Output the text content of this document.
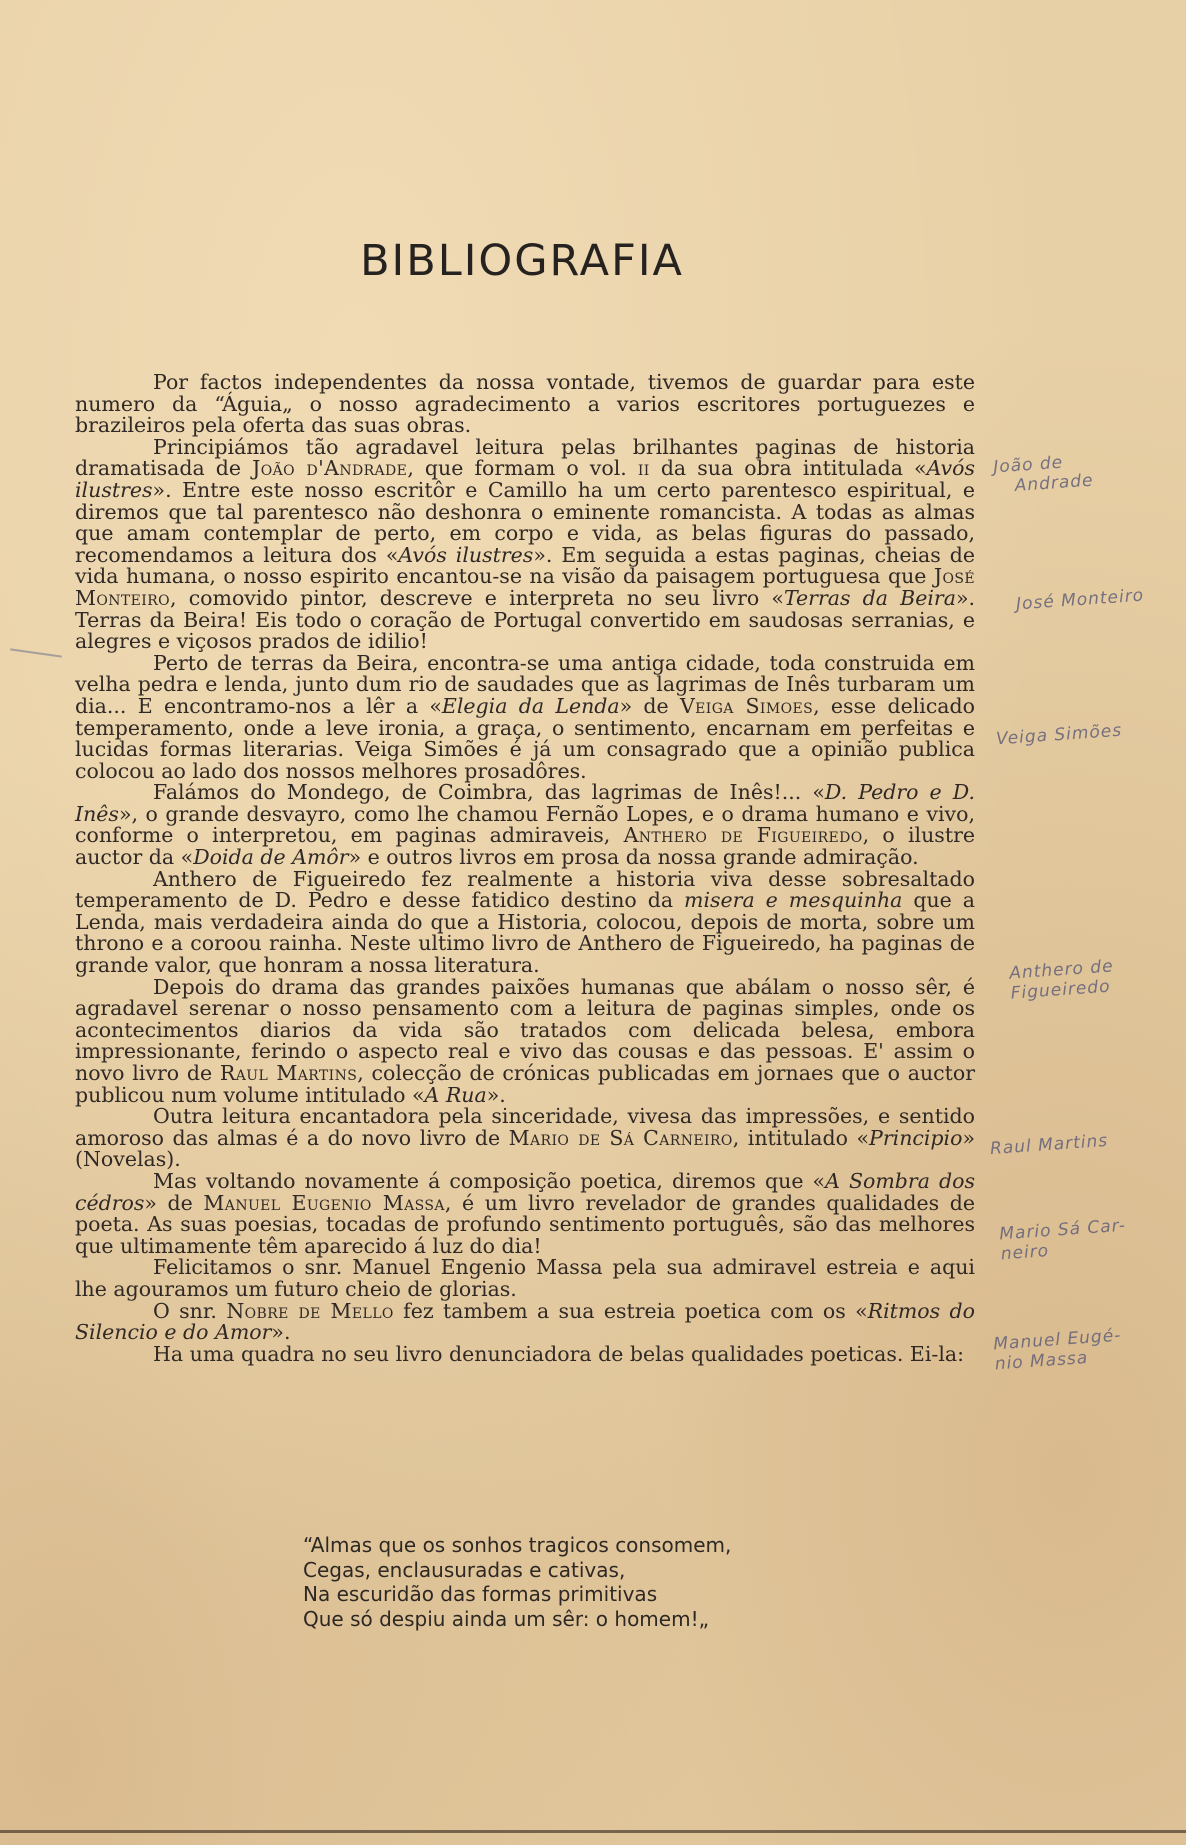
BIBLIOGRAFIA

Por factos independentes da nossa vontade, tivemos de guardar para este numero da “Águia„ o nosso agradecimento a varios escritores portuguezes e brazileiros pela oferta das suas obras.

Principiámos tão agradavel leitura pelas brilhantes paginas de historia dramatisada de João d'Andrade, que formam o vol. ii da sua obra intitulada «Avós ilustres». Entre este nosso escritôr e Camillo ha um certo parentesco espiritual, e diremos que tal parentesco não deshonra o eminente romancista. A todas as almas que amam contemplar de perto, em corpo e vida, as belas figuras do passado, recomendamos a leitura dos «Avós ilustres». Em seguida a estas paginas, cheias de vida humana, o nosso espirito encantou-se na visão da paisagem portuguesa que José Monteiro, comovido pintor, descreve e interpreta no seu livro «Terras da Beira». Terras da Beira! Eis todo o coração de Portugal convertido em saudosas serranias, e alegres e viçosos prados de idilio!

Perto de terras da Beira, encontra-se uma antiga cidade, toda construida em velha pedra e lenda, junto dum rio de saudades que as lagrimas de Inês turbaram um dia... E encontramo-nos a lêr a «Elegia da Lenda» de Veiga Simoes, esse delicado temperamento, onde a leve ironia, a graça, o sentimento, encarnam em perfeitas e lucidas formas literarias. Veiga Simões é já um consagrado que a opinião publica colocou ao lado dos nossos melhores prosadôres.

Falámos do Mondego, de Coimbra, das lagrimas de Inês!... «D. Pedro e D. Inês», o grande desvayro, como lhe chamou Fernão Lopes, e o drama humano e vivo, conforme o interpretou, em paginas admiraveis, Anthero de Figueiredo, o ilustre auctor da «Doida de Amôr» e outros livros em prosa da nossa grande admiração.

Anthero de Figueiredo fez realmente a historia viva desse sobresaltado temperamento de D. Pedro e desse fatidico destino da misera e mesquinha que a Lenda, mais verdadeira ainda do que a Historia, colocou, depois de morta, sobre um throno e a coroou rainha. Neste ultimo livro de Anthero de Figueiredo, ha paginas de grande valor, que honram a nossa literatura.

Depois do drama das grandes paixões humanas que abálam o nosso sêr, é agradavel serenar o nosso pensamento com a leitura de paginas simples, onde os acontecimentos diarios da vida são tratados com delicada belesa, embora impressionante, ferindo o aspecto real e vivo das cousas e das pessoas. E' assim o novo livro de Raul Martins, colecção de crónicas publicadas em jornaes que o auctor publicou num volume intitulado «A Rua».

Outra leitura encantadora pela sinceridade, vivesa das impressões, e sentido amoroso das almas é a do novo livro de Mario de Sá Carneiro, intitulado «Principio» (Novelas).

Mas voltando novamente á composição poetica, diremos que «A Sombra dos cédros» de Manuel Eugenio Massa, é um livro revelador de grandes qualidades de poeta. As suas poesias, tocadas de profundo sentimento português, são das melhores que ultimamente têm aparecido á luz do dia!

Felicitamos o snr. Manuel Engenio Massa pela sua admiravel estreia e aqui lhe agouramos um futuro cheio de glorias.

O snr. Nobre de Mello fez tambem a sua estreia poetica com os «Ritmos do Silencio e do Amor».

Ha uma quadra no seu livro denunciadora de belas qualidades poeticas. Ei-la:

“Almas que os sonhos tragicos consomem,
Cegas, enclausuradas e cativas,
Na escuridão das formas primitivas
Que só despiu ainda um sêr: o homem!„
João de
Andrade
José Monteiro
Veiga Simões
Anthero de
Figueiredo
Raul Martins
Mario Sá Car-
neiro
Manuel Eugé-
nio Massa
